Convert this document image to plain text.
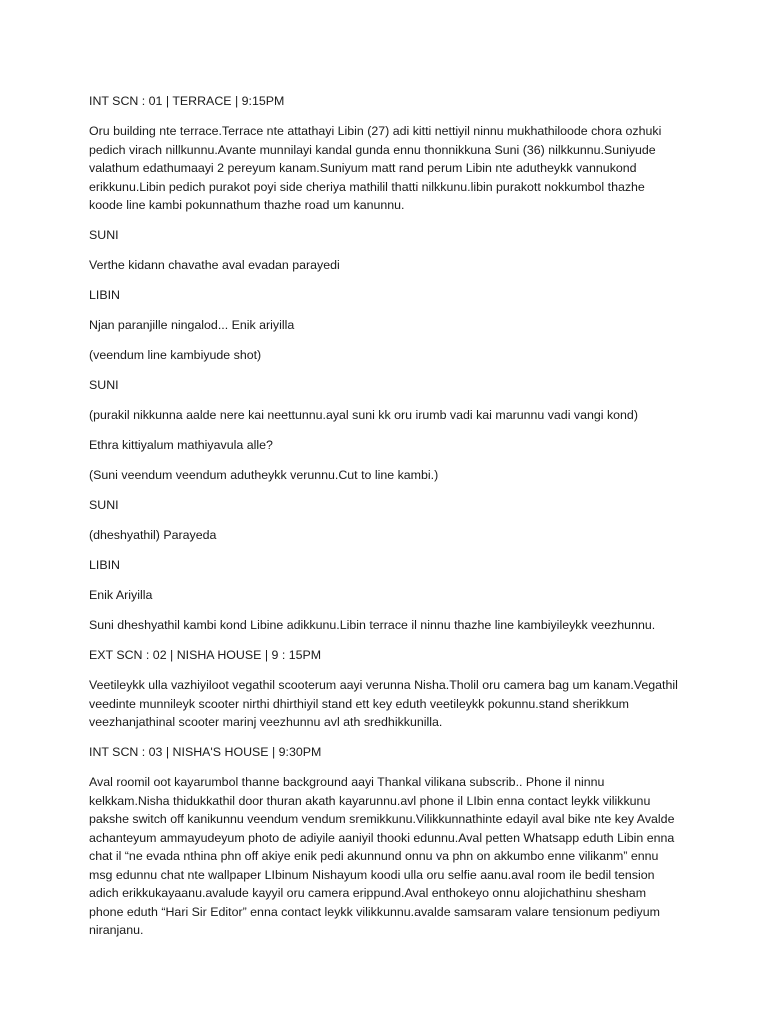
INT SCN : 01 | TERRACE | 9:15PM
Oru building nte terrace.Terrace nte attathayi Libin (27) adi kitti nettiyil ninnu mukhathiloode chora ozhuki pedich virach nillkunnu.Avante munnilayi kandal gunda ennu thonnikkuna Suni (36) nilkkunnu.Suniyude valathum edathumaayi 2 pereyum kanam.Suniyum matt rand perum Libin nte adutheykk vannukond erikkunu.Libin pedich purakot poyi side cheriya mathilil thatti nilkkunu.libin purakott nokkumbol thazhe koode line kambi pokunnathum thazhe road um kanunnu.
SUNI
Verthe kidann chavathe aval evadan parayedi
LIBIN
Njan paranjille ningalod... Enik ariyilla
(veendum line kambiyude shot)
SUNI
(purakil nikkunna aalde nere kai neettunnu.ayal suni kk oru irumb vadi kai marunnu vadi vangi kond)
Ethra kittiyalum mathiyavula alle?
(Suni veendum veendum adutheykk verunnu.Cut to line kambi.)
SUNI
(dheshyathil) Parayeda
LIBIN
Enik Ariyilla
Suni dheshyathil kambi kond Libine adikkunu.Libin terrace il ninnu thazhe line kambiyileykk veezhunnu.
EXT SCN : 02 | NISHA HOUSE | 9 : 15PM
Veetileykk ulla vazhiyiloot vegathil scooterum aayi verunna Nisha.Tholil oru camera bag um kanam.Vegathil veedinte munnileyk scooter nirthi dhirthiyil stand ett key eduth veetileykk pokunnu.stand sherikkum veezhanjathinal scooter marinj veezhunnu avl ath sredhikkunilla.
INT SCN : 03 | NISHA'S HOUSE | 9:30PM
Aval roomil oot kayarumbol thanne background aayi Thankal vilikana subscrib.. Phone il ninnu kelkkam.Nisha thidukkathil door thuran akath kayarunnu.avl phone il LIbin enna contact leykk vilikkunu pakshe switch off kanikunnu veendum vendum sremikkunu.Vilikkunnathinte edayil aval bike nte key Avalde achanteyum ammayudeyum photo de adiyile aaniyil thooki edunnu.Aval petten Whatsapp eduth Libin enna chat il “ne evada nthina phn off akiye enik pedi akunnund onnu va phn on akkumbo enne vilikanm” ennu msg edunnu chat nte wallpaper LIbinum Nishayum koodi ulla oru selfie aanu.aval room ile bedil tension adich erikkukayaanu.avalude kayyil oru camera erippund.Aval enthokeyo onnu alojichathinu shesham phone eduth “Hari Sir Editor” enna contact leykk vilikkunnu.avalde samsaram valare tensionum pediyum niranjanu.
